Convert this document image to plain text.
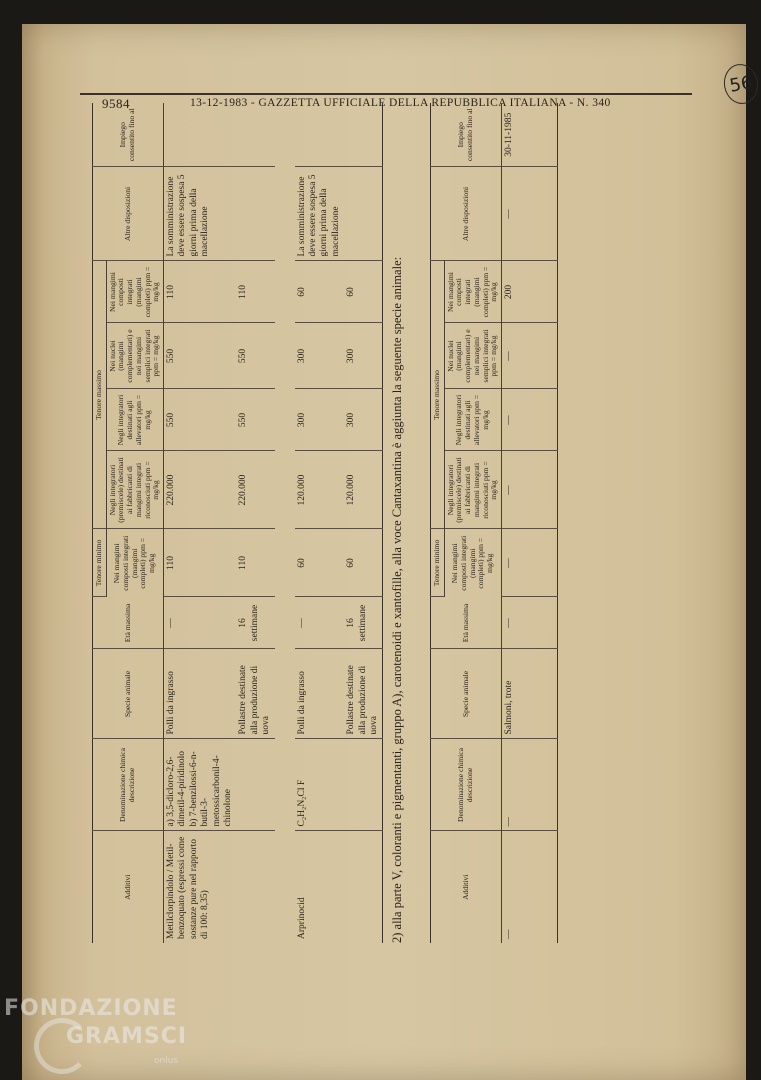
9584	13-12-1983 - GAZZETTA UFFICIALE DELLA REPUBBLICA ITALIANA - N. 340
56
Additivi	Denominazione chimica descrizione	Specie animale	Età massima	Tenore minimo	Tenore massimo				Altre disposizioni	Impiego consentito fino al
				Nei mangimi composti integrati (mangimi completi) ppm = mg/kg	Negli integratori (premiscele) destinati ai fabbricanti di mangimi integrati riconosciuti ppm = mg/kg	Negli integratori destinati agli allevatori ppm = mg/kg	Nei nuclei (mangimi complementari) e nei mangimi semplici integrati ppm = mg/kg	Nei mangimi composti integrati (mangimi completi) ppm = mg/kg		
Metilclorpindolo / Metil-benzoquato (espressi come sostanze pure nel rapporto di 100: 8,35)	a) 3,5-dicloro-2,6-dimetil-4-piridinolo
b) 7-benzilossi-6-n-butil-3-metossicarbonil-4-chinolone	Polli da ingrasso	—	110	220.000	550	550	110	La somministrazione deve essere sospesa 5 giorni prima della macellazione	
		Pollastre destinate alla produzione di uova	16 settimane	110	220.000	550	550	110		

Arprinocid	C₂H₂N₂Cl F	Polli da ingrasso	—	60	120.000	300	300	60	La somministrazione deve essere sospesa 5 giorni prima della macellazione	
		Pollastre destinate alla produzione di uova	16 settimane	60	120.000	300	300	60			2) alla parte V, coloranti e pigmentanti, gruppo A), carotenoidi e xantofille, alla voce Cantaxantina è aggiunta la seguente specie animale:	Additivi	Denominazione chimica descrizione	Specie animale	Età massima	Tenore minimo	Tenore massimo				Altre disposizioni	Impiego consentito fino al
				Nei mangimi composti integrati (mangimi completi) ppm = mg/kg	Negli integratori (premiscele) destinati ai fabbricanti di mangimi integrati riconosciuti ppm = mg/kg	Negli integratori destinati agli allevatori ppm = mg/kg	Nei nuclei (mangimi complementari) e nei mangimi semplici integrati ppm = mg/kg	Nei mangimi composti integrati (mangimi completi) ppm = mg/kg		
—	—	Salmoni, trote	—	—	—	—	—	200	—	30-11-1985
FONDAZIONE
GRAMSCI
onlus
